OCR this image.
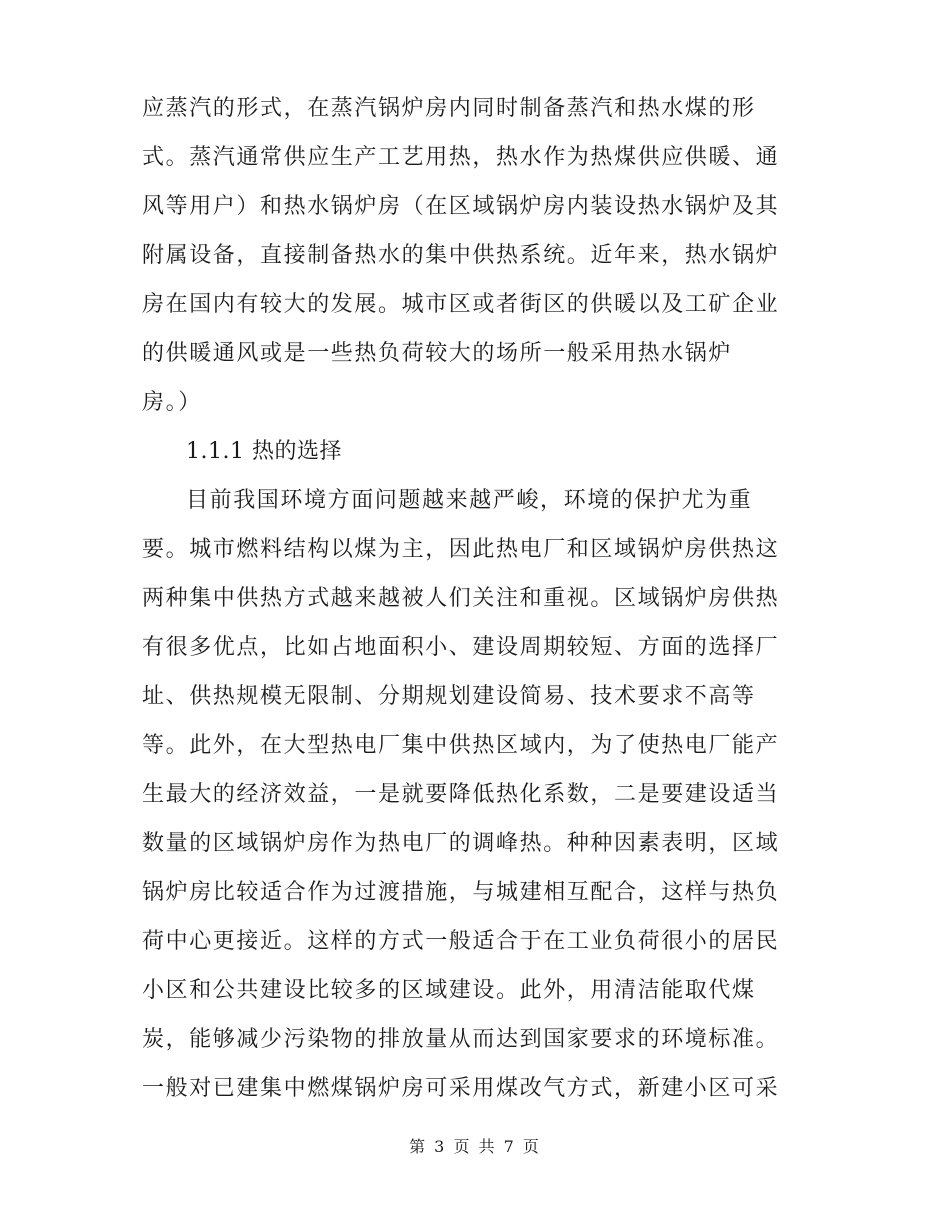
应蒸汽的形式，在蒸汽锅炉房内同时制备蒸汽和热水煤的形
式。蒸汽通常供应生产工艺用热，热水作为热煤供应供暖、通
风等用户）和热水锅炉房（在区域锅炉房内装设热水锅炉及其
附属设备，直接制备热水的集中供热系统。近年来，热水锅炉
房在国内有较大的发展。城市区或者街区的供暖以及工矿企业
的供暖通风或是一些热负荷较大的场所一般采用热水锅炉
房。）
1.1.1 热的选择
目前我国环境方面问题越来越严峻，环境的保护尤为重
要。城市燃料结构以煤为主，因此热电厂和区域锅炉房供热这
两种集中供热方式越来越被人们关注和重视。区域锅炉房供热
有很多优点，比如占地面积小、建设周期较短、方面的选择厂
址、供热规模无限制、分期规划建设简易、技术要求不高等
等。此外，在大型热电厂集中供热区域内，为了使热电厂能产
生最大的经济效益，一是就要降低热化系数，二是要建设适当
数量的区域锅炉房作为热电厂的调峰热。种种因素表明，区域
锅炉房比较适合作为过渡措施，与城建相互配合，这样与热负
荷中心更接近。这样的方式一般适合于在工业负荷很小的居民
小区和公共建设比较多的区域建设。此外，用清洁能取代煤
炭，能够减少污染物的排放量从而达到国家要求的环境标准。
一般对已建集中燃煤锅炉房可采用煤改气方式，新建小区可采
第 3 页 共 7 页
